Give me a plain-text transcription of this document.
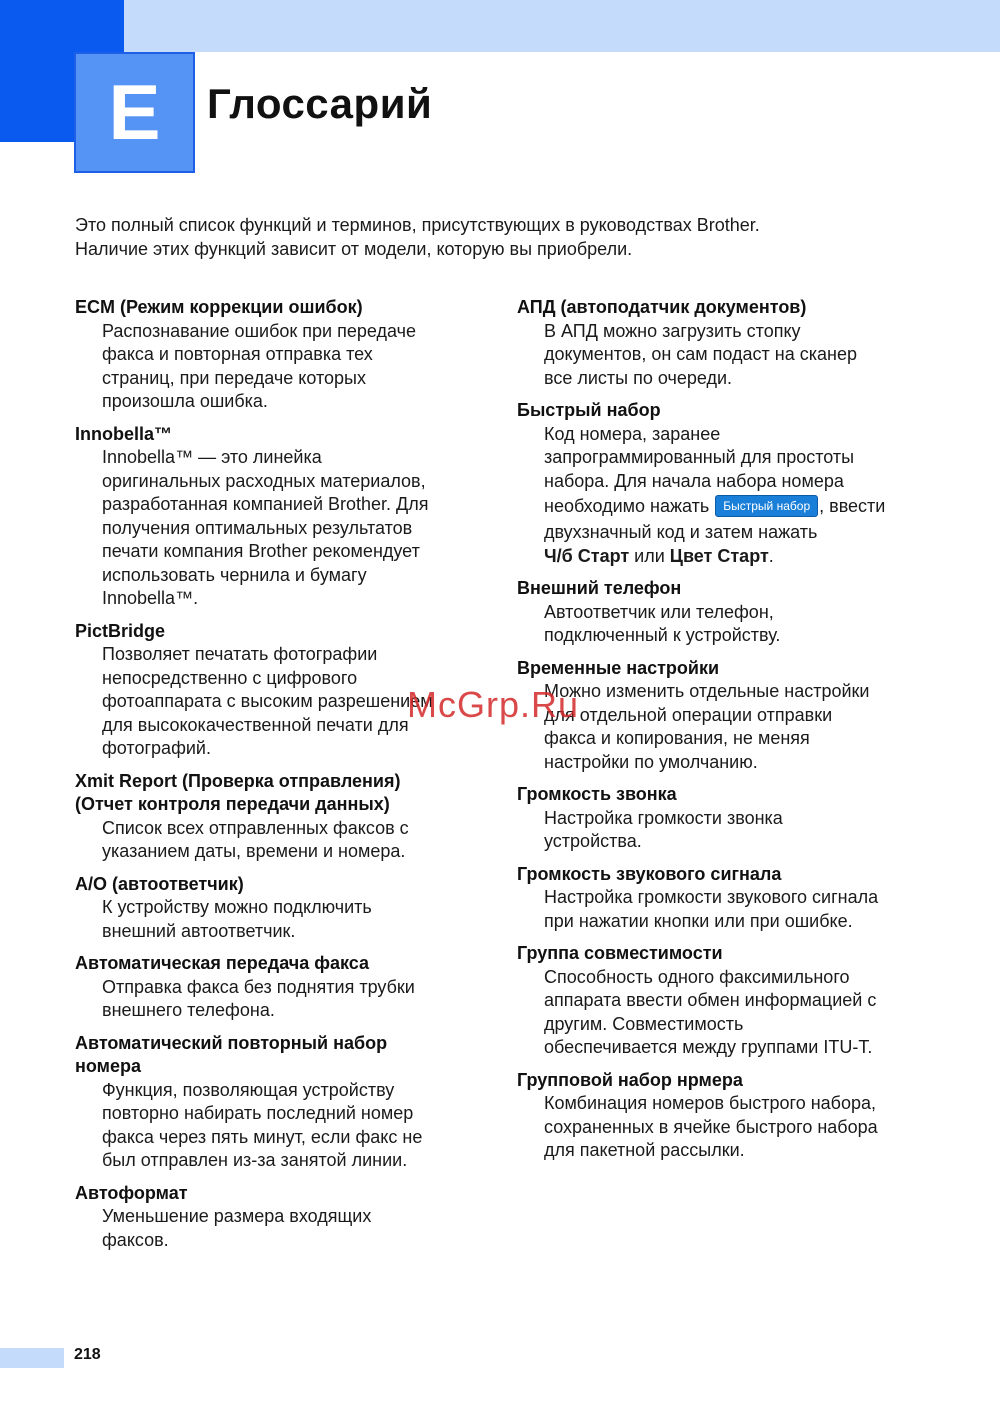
E	Глоссарий

Это полный список функций и терминов, присутствующих в руководствах Brother.

Наличие этих функций зависит от модели, которую вы приобрели.

ECM (Режим коррекции ошибок)
Распознавание ошибок при передаче
факса и повторная отправка тех
страниц, при передаче которых
произошла ошибка.
Innobella™
Innobella™ — это линейка
оригинальных расходных материалов,
разработанная компанией Brother. Для
получения оптимальных результатов
печати компания Brother рекомендует
использовать чернила и бумагу
Innobella™.
PictBridge
Позволяет печатать фотографии
непосредственно с цифрового
фотоаппарата с высоким разрешением
для высококачественной печати для
фотографий.
Xmit Report (Проверка отправления)
(Отчет контроля передачи данных)
Список всех отправленных факсов с
указанием даты, времени и номера.
А/О (автоответчик)
К устройству можно подключить
внешний автоответчик.
Автоматическая передача факса
Отправка факса без поднятия трубки
внешнего телефона.
Автоматический повторный набор
номера
Функция, позволяющая устройству
повторно набирать последний номер
факса через пять минут, если факс не
был отправлен из-за занятой линии.
Автоформат
Уменьшение размера входящих
факсов.
АПД (автоподатчик документов)
В АПД можно загрузить стопку
документов, он сам подаст на сканер
все листы по очереди.
Быстрый набор
Код номера, заранее
запрограммированный для простоты
набора. Для начала набора номера
необходимо нажать Быстрый набор , ввести
двухзначный код и затем нажать
Ч/б Старт или Цвет Старт.
Внешний телефон
Автоответчик или телефон,
подключенный к устройству.
Временные настройки
Можно изменить отдельные настройки
для отдельной операции отправки
факса и копирования, не меняя
настройки по умолчанию.
Громкость звонка
Настройка громкости звонка
устройства.
Громкость звукового сигнала
Настройка громкости звукового сигнала
при нажатии кнопки или при ошибке.
Группа совместимости
Способность одного факсимильного
аппарата ввести обмен информацией с
другим. Совместимость
обеспечивается между группами ITU-T.
Групповой набор нрмера
Комбинация номеров быстрого набора,
сохраненных в ячейке быстрого набора
для пакетной рассылки.
McGrp.Ru
218
